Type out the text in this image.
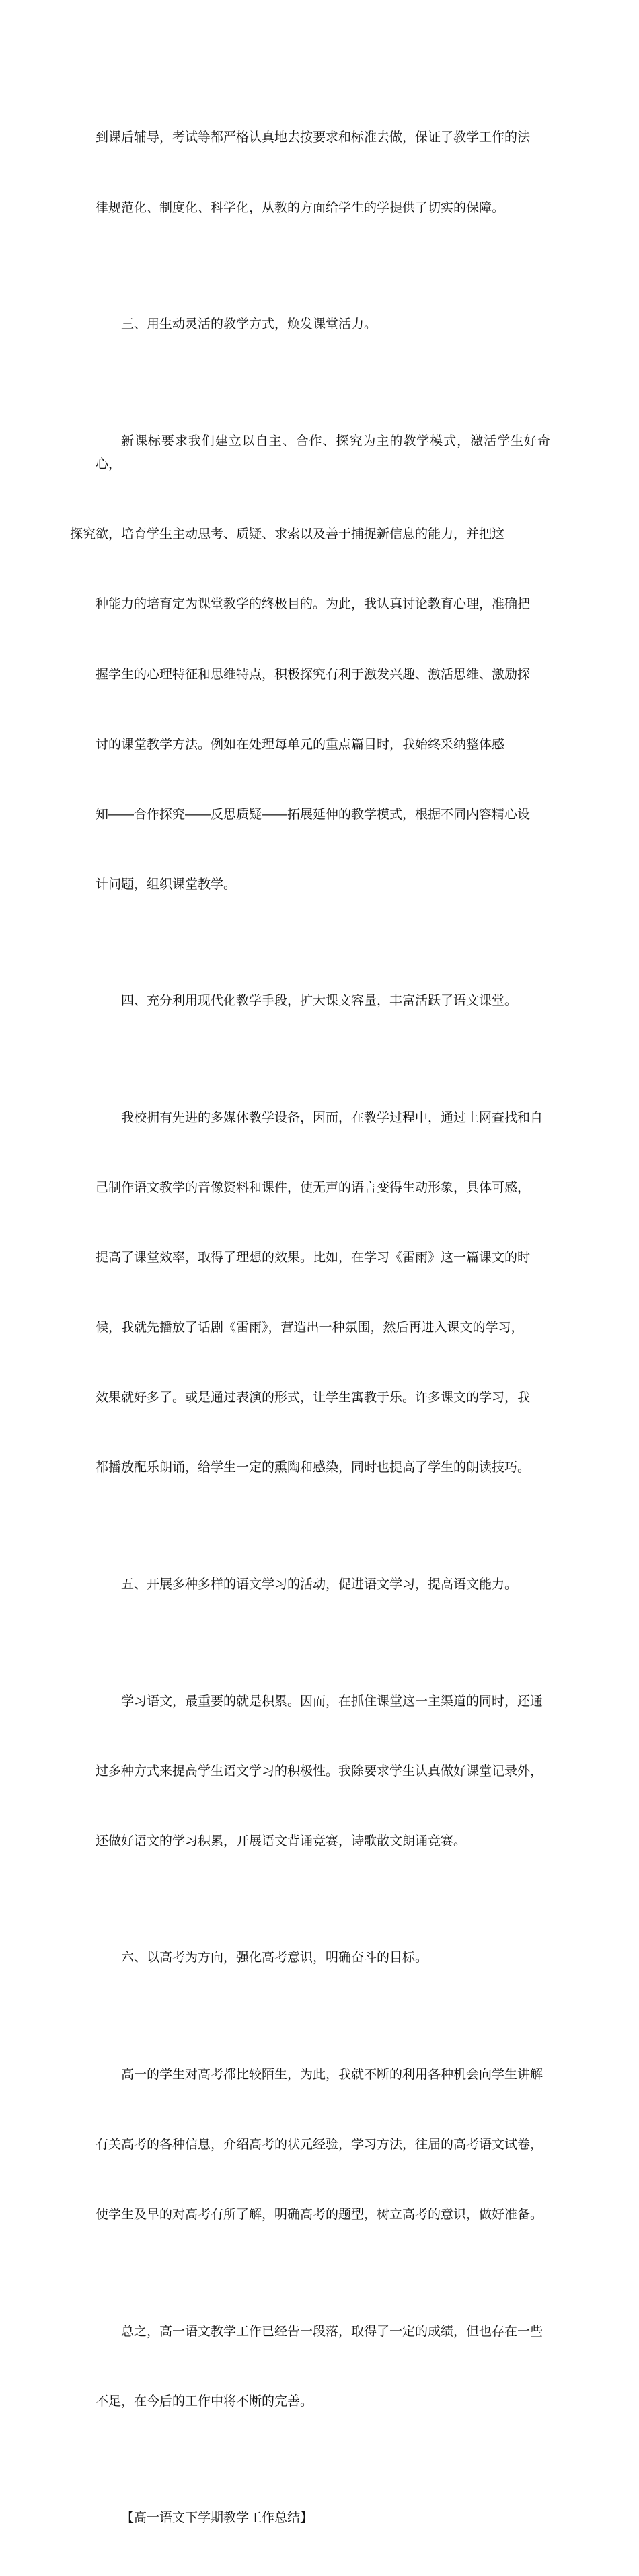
到课后辅导，考试等都严格认真地去按要求和标准去做，保证了教学工作的法

律规范化、制度化、科学化，从教的方面给学生的学提供了切实的保障。

三、用生动灵活的教学方式，焕发课堂活力。

新课标要求我们建立以自主、合作、探究为主的教学模式，激活学生好奇心，

探究欲，培育学生主动思考、质疑、求索以及善于捕捉新信息的能力，并把这

种能力的培育定为课堂教学的终极目的。为此，我认真讨论教育心理，准确把

握学生的心理特征和思维特点，积极探究有利于激发兴趣、激活思维、激励探

讨的课堂教学方法。例如在处理每单元的重点篇目时，我始终采纳整体感

知――合作探究――反思质疑――拓展延伸的教学模式，根据不同内容精心设

计问题，组织课堂教学。

四、充分利用现代化教学手段，扩大课文容量，丰富活跃了语文课堂。

我校拥有先进的多媒体教学设备，因而，在教学过程中，通过上网查找和自

己制作语文教学的音像资料和课件，使无声的语言变得生动形象，具体可感，

提高了课堂效率，取得了理想的效果。比如，在学习《雷雨》这一篇课文的时

候，我就先播放了话剧《雷雨》，营造出一种氛围，然后再进入课文的学习，

效果就好多了。或是通过表演的形式，让学生寓教于乐。许多课文的学习，我

都播放配乐朗诵，给学生一定的熏陶和感染，同时也提高了学生的朗读技巧。

五、开展多种多样的语文学习的活动，促进语文学习，提高语文能力。

学习语文，最重要的就是积累。因而，在抓住课堂这一主渠道的同时，还通

过多种方式来提高学生语文学习的积极性。我除要求学生认真做好课堂记录外，

还做好语文的学习积累，开展语文背诵竞赛，诗歌散文朗诵竞赛。

六、以高考为方向，强化高考意识，明确奋斗的目标。

高一的学生对高考都比较陌生，为此，我就不断的利用各种机会向学生讲解

有关高考的各种信息，介绍高考的状元经验，学习方法，往届的高考语文试卷，

使学生及早的对高考有所了解，明确高考的题型，树立高考的意识，做好准备。

总之，高一语文教学工作已经告一段落，取得了一定的成绩，但也存在一些

不足，在今后的工作中将不断的完善。

【高一语文下学期教学工作总结】
